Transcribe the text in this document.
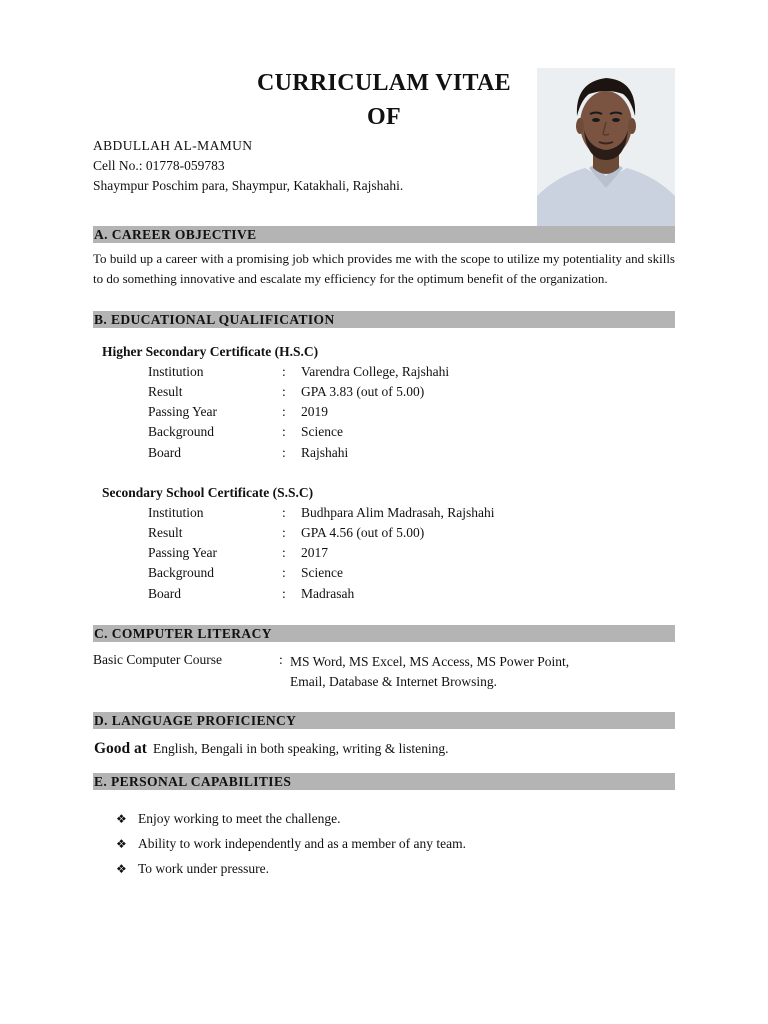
CURRICULAM VITAE
OF
ABDULLAH AL-MAMUN
Cell No.: 01778-059783
Shaympur Poschim para, Shaympur, Katakhali, Rajshahi.
A. CAREER OBJECTIVE
To build up a career with a promising job which provides me with the scope to utilize my potentiality and skills to do something innovative and escalate my efficiency for the optimum benefit of the organization.
B. EDUCATIONAL QUALIFICATION
Higher Secondary Certificate (H.S.C)
Institution	: Varendra College, Rajshahi
Result	: GPA 3.83 (out of 5.00)
Passing Year	: 2019
Background	: Science
Board	: Rajshahi
Secondary School Certificate (S.S.C)
Institution	: Budhpara Alim Madrasah, Rajshahi
Result	: GPA 4.56 (out of 5.00)
Passing Year	: 2017
Background	: Science
Board	: Madrasah
C. COMPUTER LITERACY
Basic Computer Course	: MS Word, MS Excel, MS Access, MS Power Point,
Email, Database & Internet Browsing.
D. LANGUAGE PROFICIENCY
Good at English, Bengali in both speaking, writing & listening.
E. PERSONAL CAPABILITIES
❖ Enjoy working to meet the challenge.
❖ Ability to work independently and as a member of any team.
❖ To work under pressure.
